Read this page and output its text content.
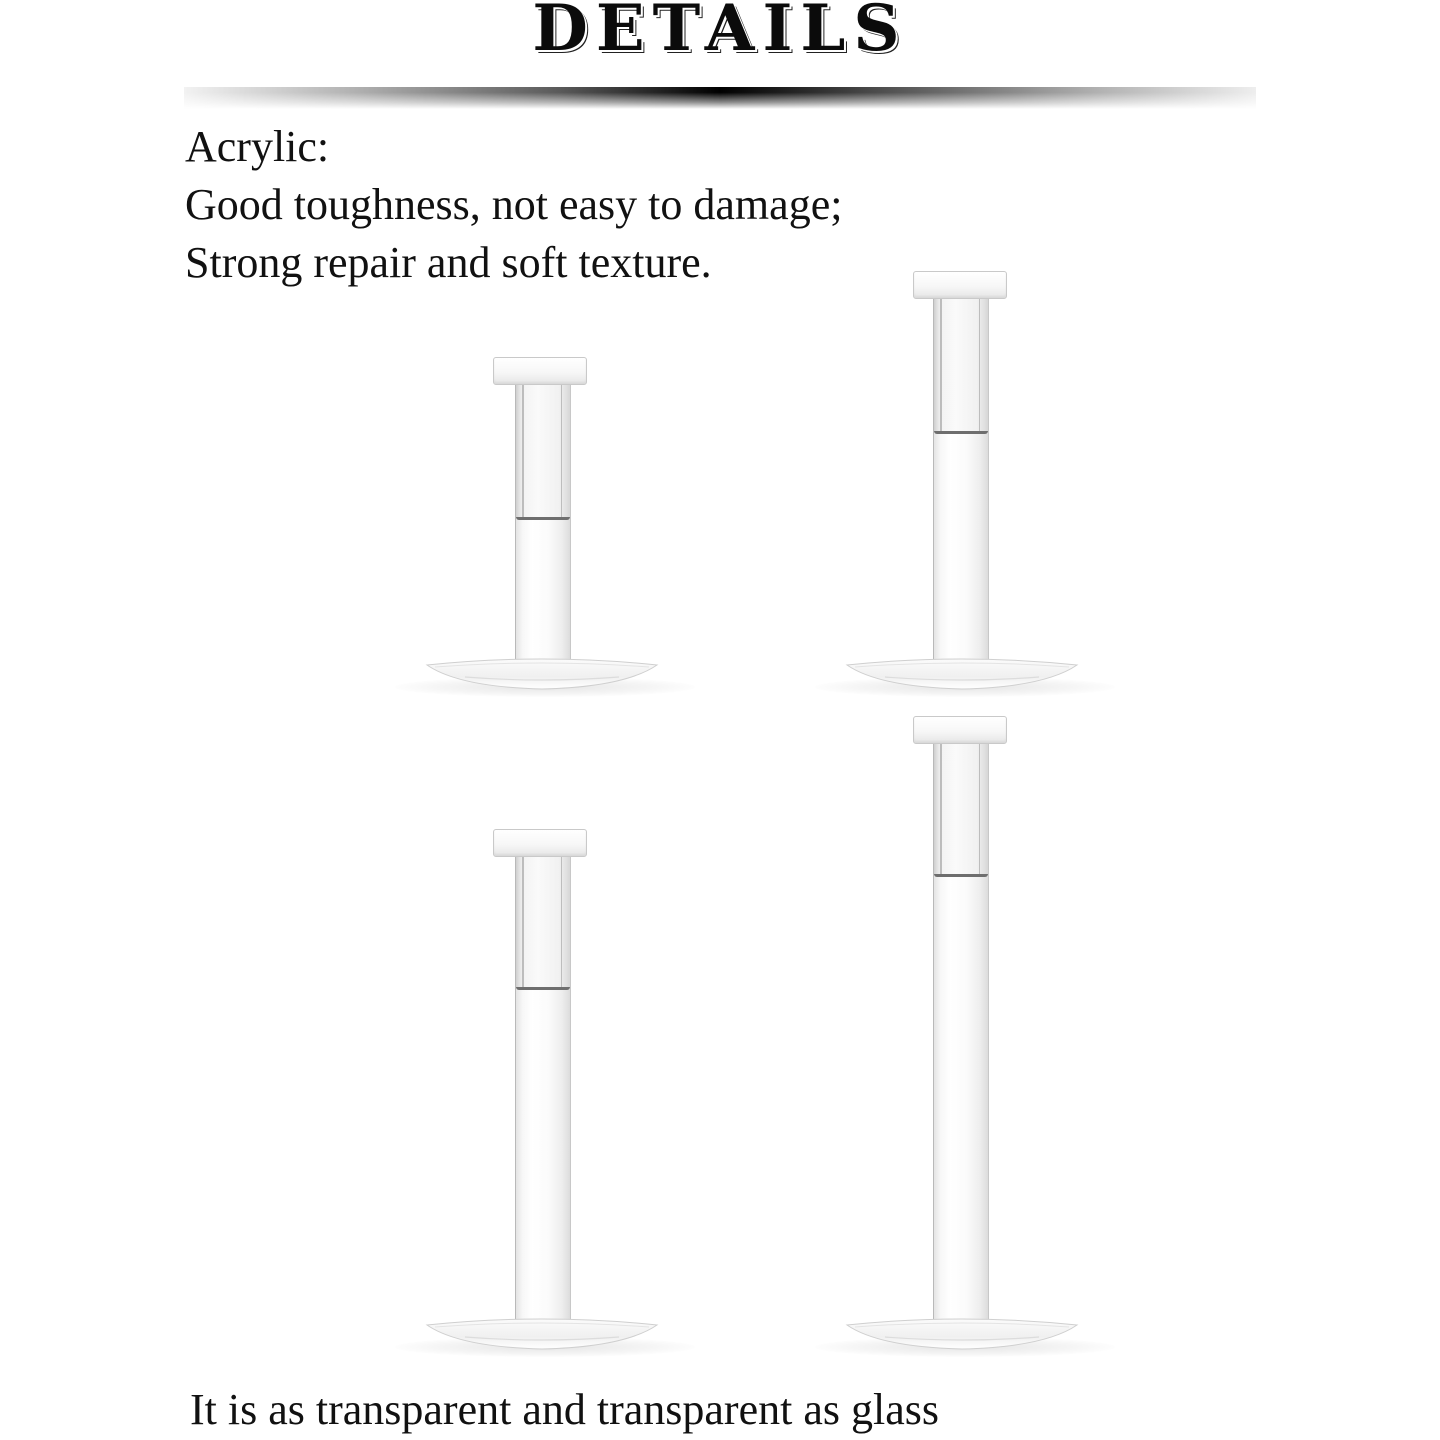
DETAILS
Acrylic:
Good toughness, not easy to damage;
Strong repair and soft texture.
It is as transparent and transparent as glass
